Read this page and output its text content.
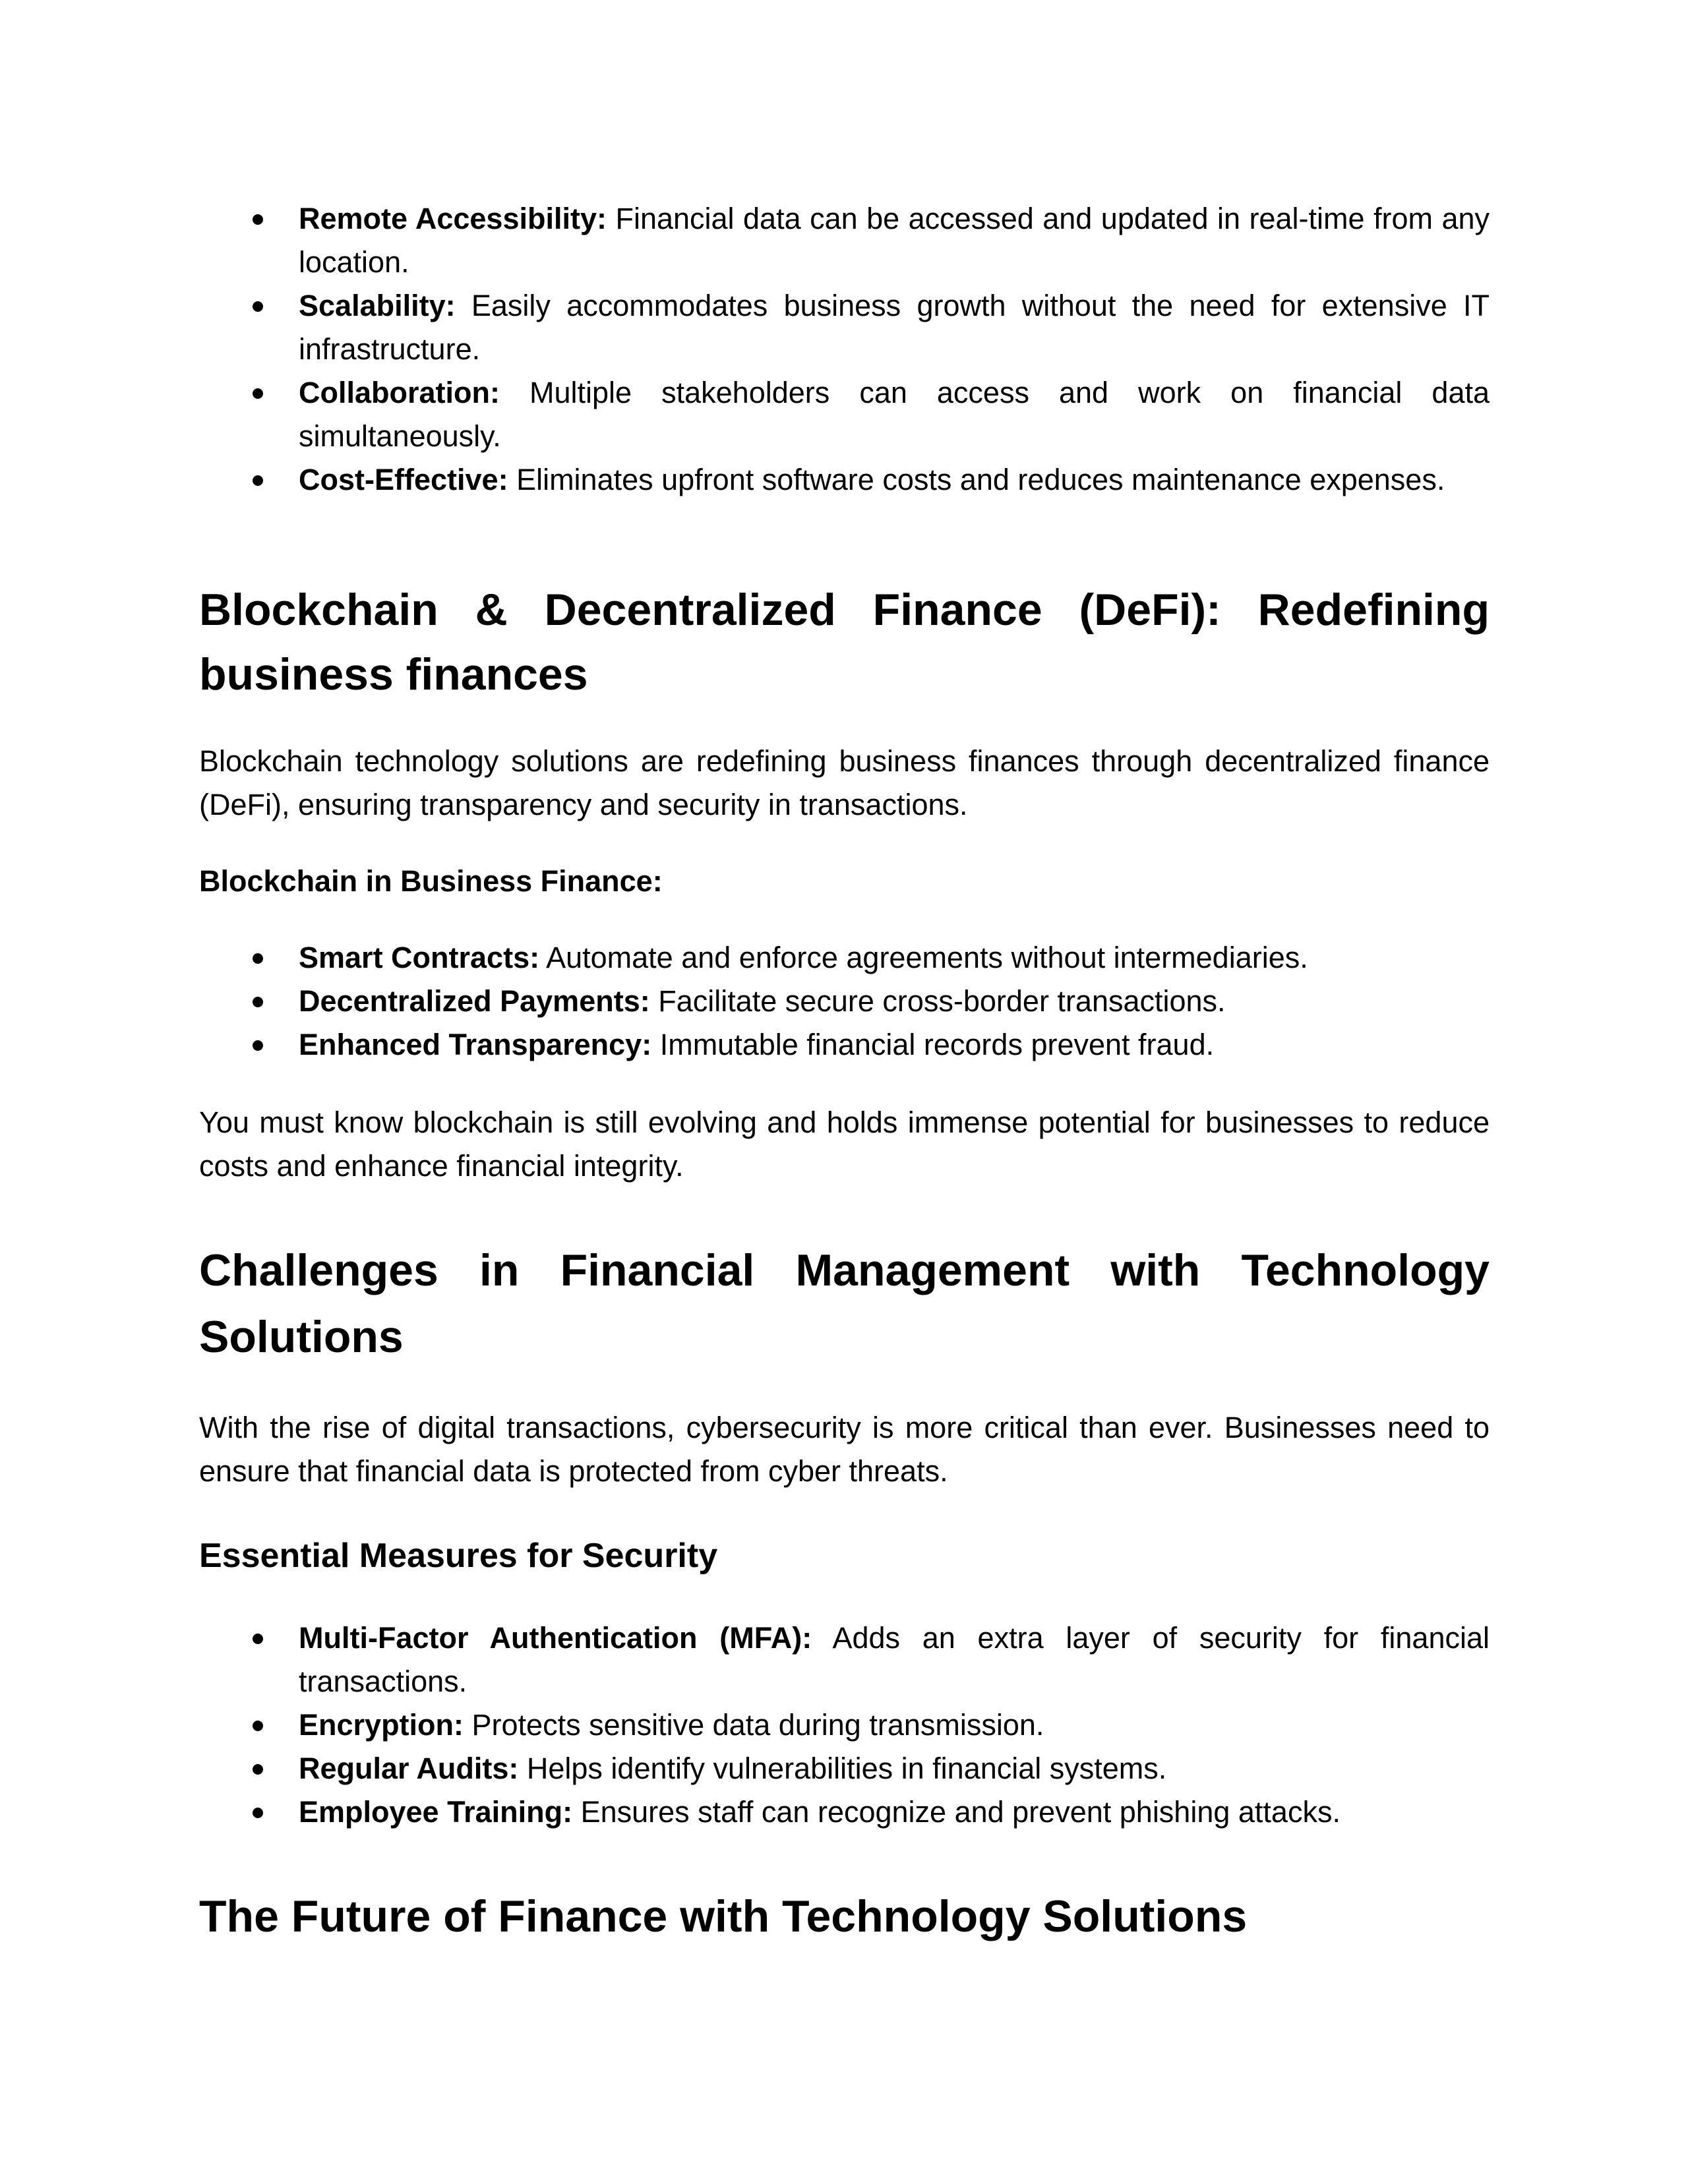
Remote Accessibility: Financial data can be accessed and updated in real-time from any location.
Scalability: Easily accommodates business growth without the need for extensive IT infrastructure.
Collaboration: Multiple stakeholders can access and work on financial data simultaneously.
Cost-Effective: Eliminates upfront software costs and reduces maintenance expenses.
Blockchain & Decentralized Finance (DeFi): Redefining business finances

Blockchain technology solutions are redefining business finances through decentralized finance (DeFi), ensuring transparency and security in transactions.

Blockchain in Business Finance:

Smart Contracts: Automate and enforce agreements without intermediaries.
Decentralized Payments: Facilitate secure cross-border transactions.
Enhanced Transparency: Immutable financial records prevent fraud.

You must know blockchain is still evolving and holds immense potential for businesses to reduce costs and enhance financial integrity.

Challenges in Financial Management with Technology Solutions

With the rise of digital transactions, cybersecurity is more critical than ever. Businesses need to ensure that financial data is protected from cyber threats.

Essential Measures for Security
Multi-Factor Authentication (MFA): Adds an extra layer of security for financial transactions.
Encryption: Protects sensitive data during transmission.
Regular Audits: Helps identify vulnerabilities in financial systems.
Employee Training: Ensures staff can recognize and prevent phishing attacks.
The Future of Finance with Technology Solutions
